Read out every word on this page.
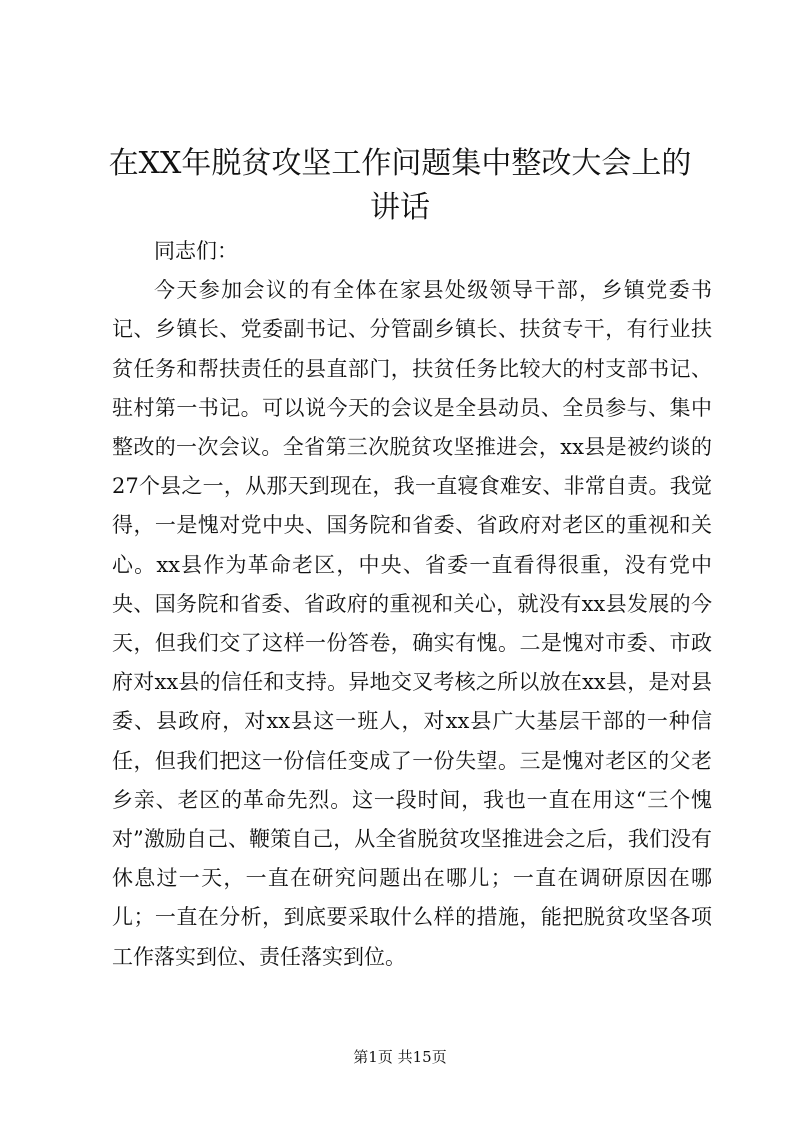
在XX年脱贫攻坚工作问题集中整改大会上的
讲话

同志们：

今天参加会议的有全体在家县处级领导干部，乡镇党委书记、乡镇长、党委副书记、分管副乡镇长、扶贫专干，有行业扶贫任务和帮扶责任的县直部门，扶贫任务比较大的村支部书记、驻村第一书记。可以说今天的会议是全县动员、全员参与、集中整改的一次会议。全省第三次脱贫攻坚推进会，xx县是被约谈的27个县之一，从那天到现在，我一直寝食难安、非常自责。我觉得，一是愧对党中央、国务院和省委、省政府对老区的重视和关心。xx县作为革命老区，中央、省委一直看得很重，没有党中央、国务院和省委、省政府的重视和关心，就没有xx县发展的今天，但我们交了这样一份答卷，确实有愧。二是愧对市委、市政府对xx县的信任和支持。异地交叉考核之所以放在xx县，是对县委、县政府，对xx县这一班人，对xx县广大基层干部的一种信任，但我们把这一份信任变成了一份失望。三是愧对老区的父老乡亲、老区的革命先烈。这一段时间，我也一直在用这“三个愧对”激励自己、鞭策自己，从全省脱贫攻坚推进会之后，我们没有休息过一天，一直在研究问题出在哪儿；一直在调研原因在哪儿；一直在分析，到底要采取什么样的措施，能把脱贫攻坚各项工作落实到位、责任落实到位。

第1页 共15页
